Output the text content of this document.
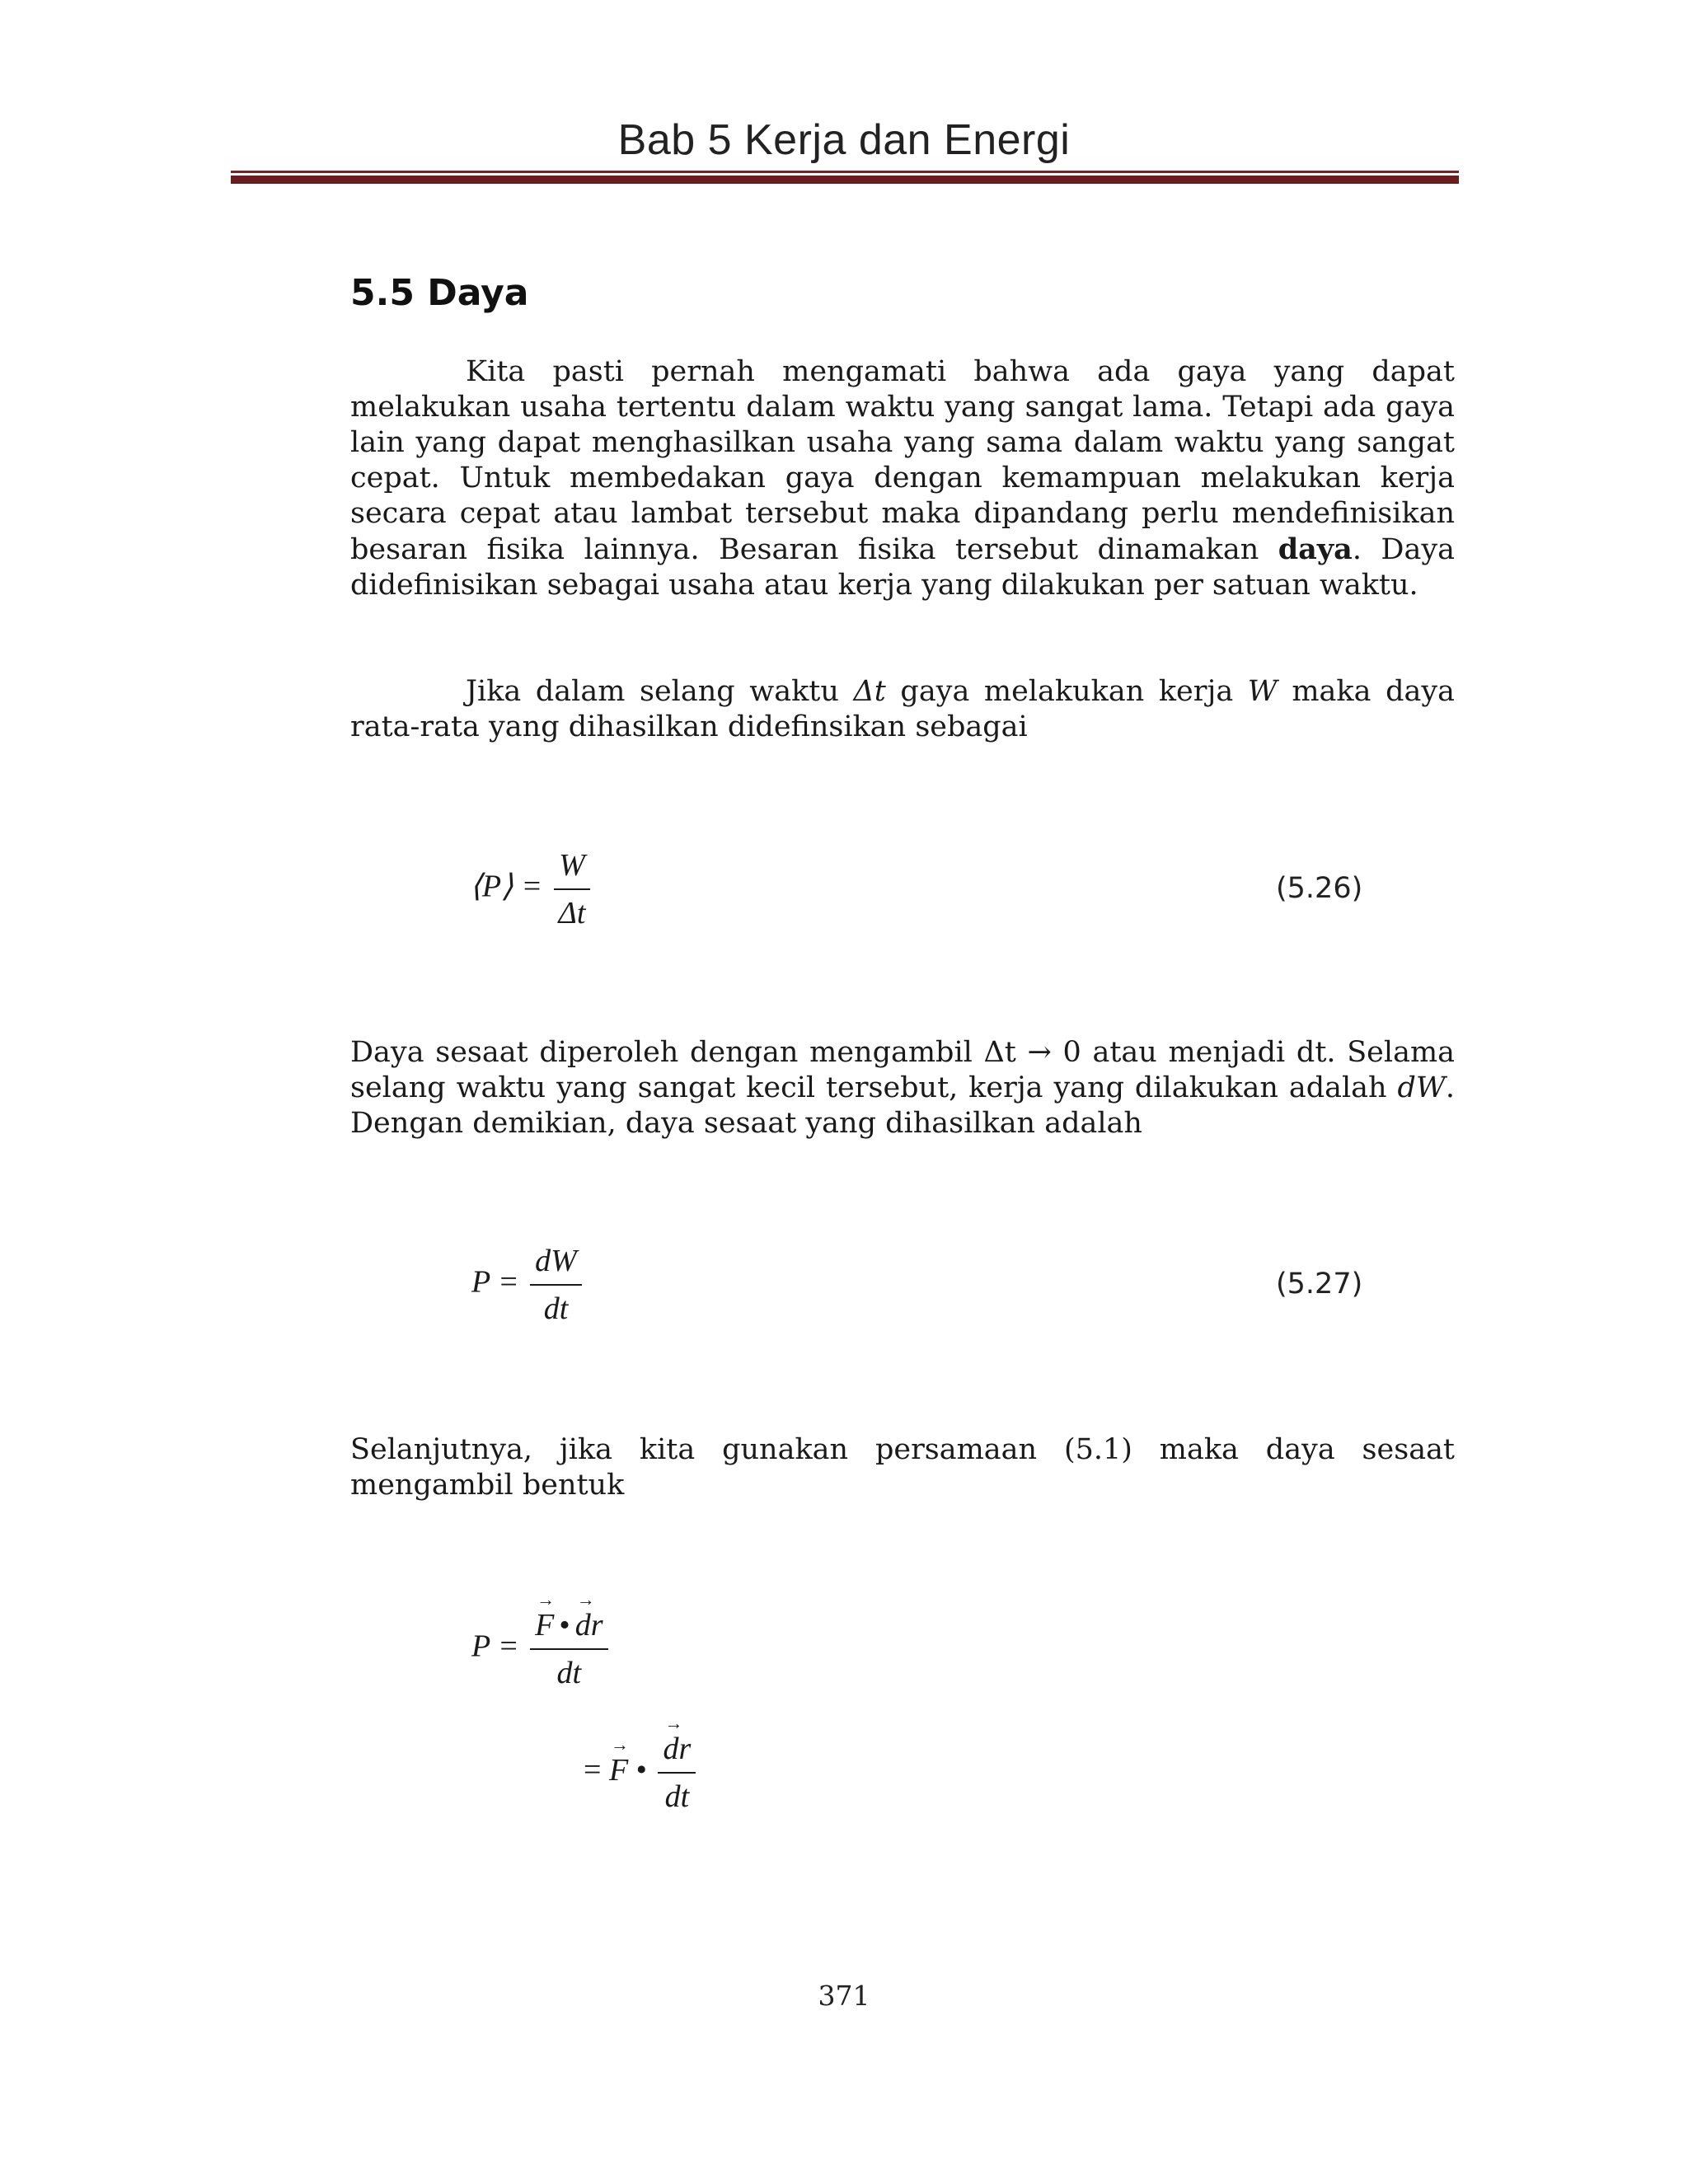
Bab 5 Kerja dan Energi
5.5 Daya

Kita pasti pernah mengamati bahwa ada gaya yang dapat melakukan usaha tertentu dalam waktu yang sangat lama. Tetapi ada gaya lain yang dapat menghasilkan usaha yang sama dalam waktu yang sangat cepat. Untuk membedakan gaya dengan kemampuan melakukan kerja secara cepat atau lambat tersebut maka dipandang perlu mendefinisikan besaran fisika lainnya. Besaran fisika tersebut dinamakan daya. Daya didefinisikan sebagai usaha atau kerja yang dilakukan per satuan waktu.

Jika dalam selang waktu Δt gaya melakukan kerja W maka daya rata-rata yang dihasilkan didefinsikan sebagai

⟨P⟩ = $\frac{W}{\Delta t}$	(5.26)

Daya sesaat diperoleh dengan mengambil Δt → 0 atau menjadi dt. Selama selang waktu yang sangat kecil tersebut, kerja yang dilakukan adalah dW. Dengan demikian, daya sesaat yang dihasilkan adalah

$P = \frac{dW}{dt}$	(5.27)

Selanjutnya, jika kita gunakan persamaan (5.1) maka daya sesaat mengambil bentuk

P = → $\frac{F • \to dr}{dt}$
= → F • → $\frac{dr}{dt}$
371
